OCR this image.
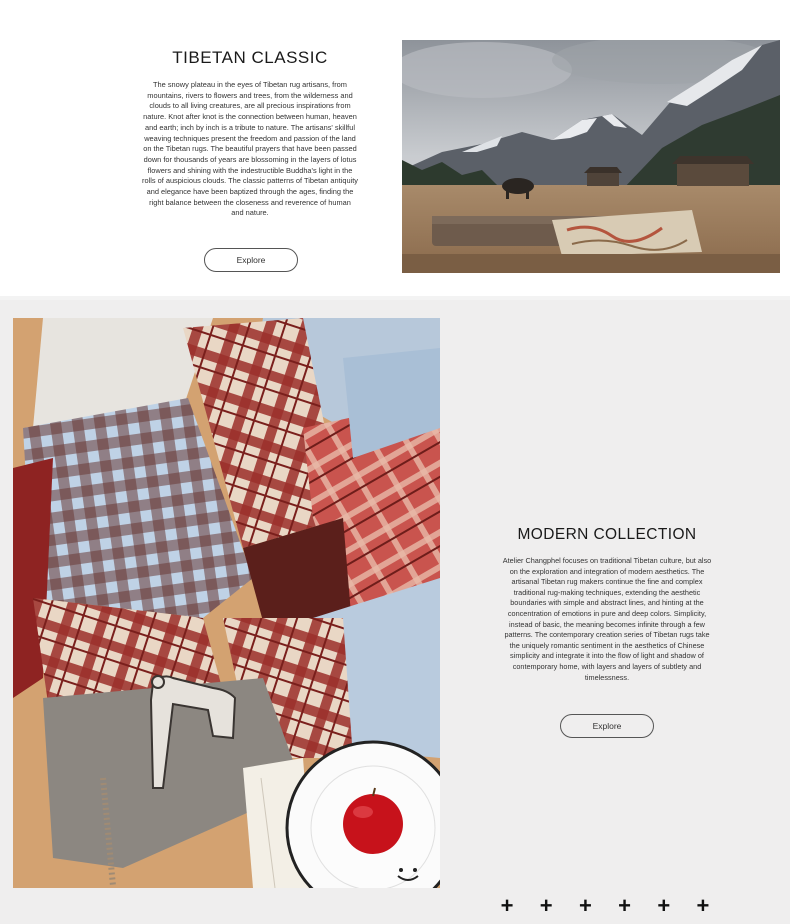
TIBETAN CLASSIC
The snowy plateau in the eyes of Tibetan rug artisans, from mountains, rivers to flowers and trees, from the wilderness and clouds to all living creatures, are all precious inspirations from nature. Knot after knot is the connection between human, heaven and earth; inch by inch is a tribute to nature. The artisans' skillful weaving techniques present the freedom and passion of the land on the Tibetan rugs. The beautiful prayers that have been passed down for thousands of years are blossoming in the layers of lotus flowers and shining with the indestructible Buddha's light in the rolls of auspicious clouds. The classic patterns of Tibetan antiquity and elegance have been baptized through the ages, finding the right balance between the closeness and reverence of human and nature.
Explore
MODERN COLLECTION
Atelier Changphel focuses on traditional Tibetan culture, but also on the exploration and integration of modern aesthetics. The artisanal Tibetan rug makers continue the fine and complex traditional rug-making techniques, extending the aesthetic boundaries with simple and abstract lines, and hinting at the concentration of emotions in pure and deep colors. Simplicity, instead of basic, the meaning becomes infinite through a few patterns. The contemporary creation series of Tibetan rugs take the uniquely romantic sentiment in the aesthetics of Chinese simplicity and integrate it into the flow of light and shadow of contemporary home, with layers and layers of subtlety and timelessness.
Explore
+ + + + + +
